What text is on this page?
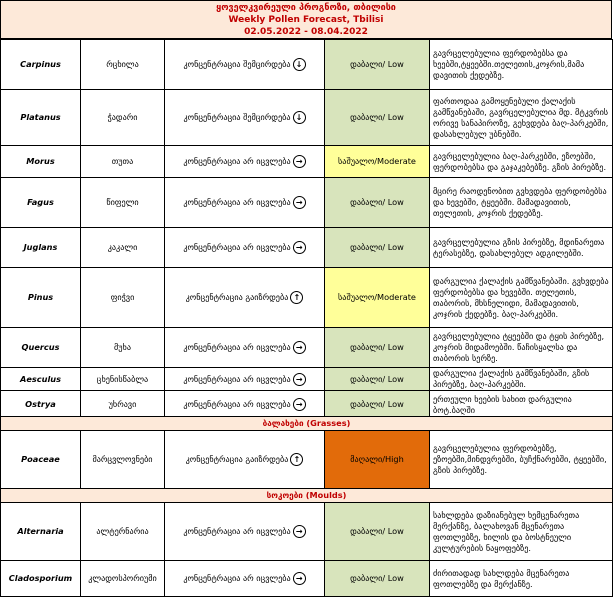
ყოველკვირეული პროგნოზი, თბილისი
Weekly Pollen Forecast, Tbilisi
02.05.2022 - 08.04.2022
Carpinus	რცხილა	კონცენტრაცია შემცირდება ↓	დაბალი/ Low	გავრცელებულია ფერდობებსა და ხეებში,ტყეებში.თელეთის,კოჯრის,მამა დავითის ქედებზე.
Platanus	ჭადარი	კონცენტრაცია შემცირდება ↓	დაბალი/ Low	ფართოდაა გამოყენებული ქალაქის გამწვანებაში, გავრცელებულია მდ. მტკვრის ორივე სანაპიროზე, გეხვდება ბაღ-პარკებში, დასახლებულ უბნებში.
Morus	თუთა	კონცენტრაცია არ იცვლება →	საშუალო/Moderate	გავრცელებულია ბაღ-პარკებში, ეზოებში, ფერდობებსა და გაჯაკებებზე. გზის პირებზე.
Fagus	წიფელი	კონცენტრაცია არ იცვლება →	დაბალი/ Low	მცირე რაოდენობით გვხვდება ფერდობებსა და ხევებში, ტყეებში. მამადავითის, თელეთის, კოჯრის ქედებზე.
Juglans	კაკალი	კონცენტრაცია არ იცვლება →	დაბალი/ Low	გავრცელებულია გზის პირებზე, მდინარეთა ტერასებზე, დასახლებულ ადგილებში.
Pinus	ფიჭვი	კონცენტრაცია გაიზრდება ↑	საშუალო/Moderate	დარგულია ქალაქის გამწვანებაში. გვხვდება ფერდობებსა და ხევებში. თელეთის, თაბორის, მხსნელიდი, მამადავითის, კოჯრის ქედებზე. ბაღ-პარკებში.
Quercus	მუხა	კონცენტრაცია არ იცვლება →	დაბალი/ Low	გავრცელებულია ტყეებში და ტყის პირებზე, კოჯრის მიდამოებში. წაჩისყალსა და თაბორის სერზე.
Aesculus	ცხენისწაბლა	კონცენტრაცია არ იცვლება →	დაბალი/ Low	დარგულია ქალაქის გამწვანებაში, გზის პირებზე, ბაღ-პარკებში.
Ostrya	უხრავი	კონცენტრაცია არ იცვლება →	დაბალი/ Low	ერთეული ხეების სახით დარგულია ბოტ.ბაღში
ბალახები (Grasses)				
Poaceae	მარცვლოვნები	კონცენტრაცია გაიზრდება ↑	მაღალი/High	გავრცელებულია ფერდობებზე, ეზოებში,მინდვრებში, ბუჩქნარებში, ტყეებში, გზის პირებზე.
სოკოები (Moulds)				
Alternaria	ალტერნარია	კონცენტრაცია არ იცვლება →	დაბალი/ Low	სახლდება დაზიანებულ ხემცენარეთა მერქანზე, ბალახოვან მცენარეთა ფოთლებზე, ხილის და ბოსტნეული კულტურების ნაყოფებზე.
Cladosporium	კლადოსპორიუმი	კონცენტრაცია არ იცვლება →	დაბალი/ Low	ძირითადად სახლდება მცენარეთა ფოთლებზე და მერქანზე.
